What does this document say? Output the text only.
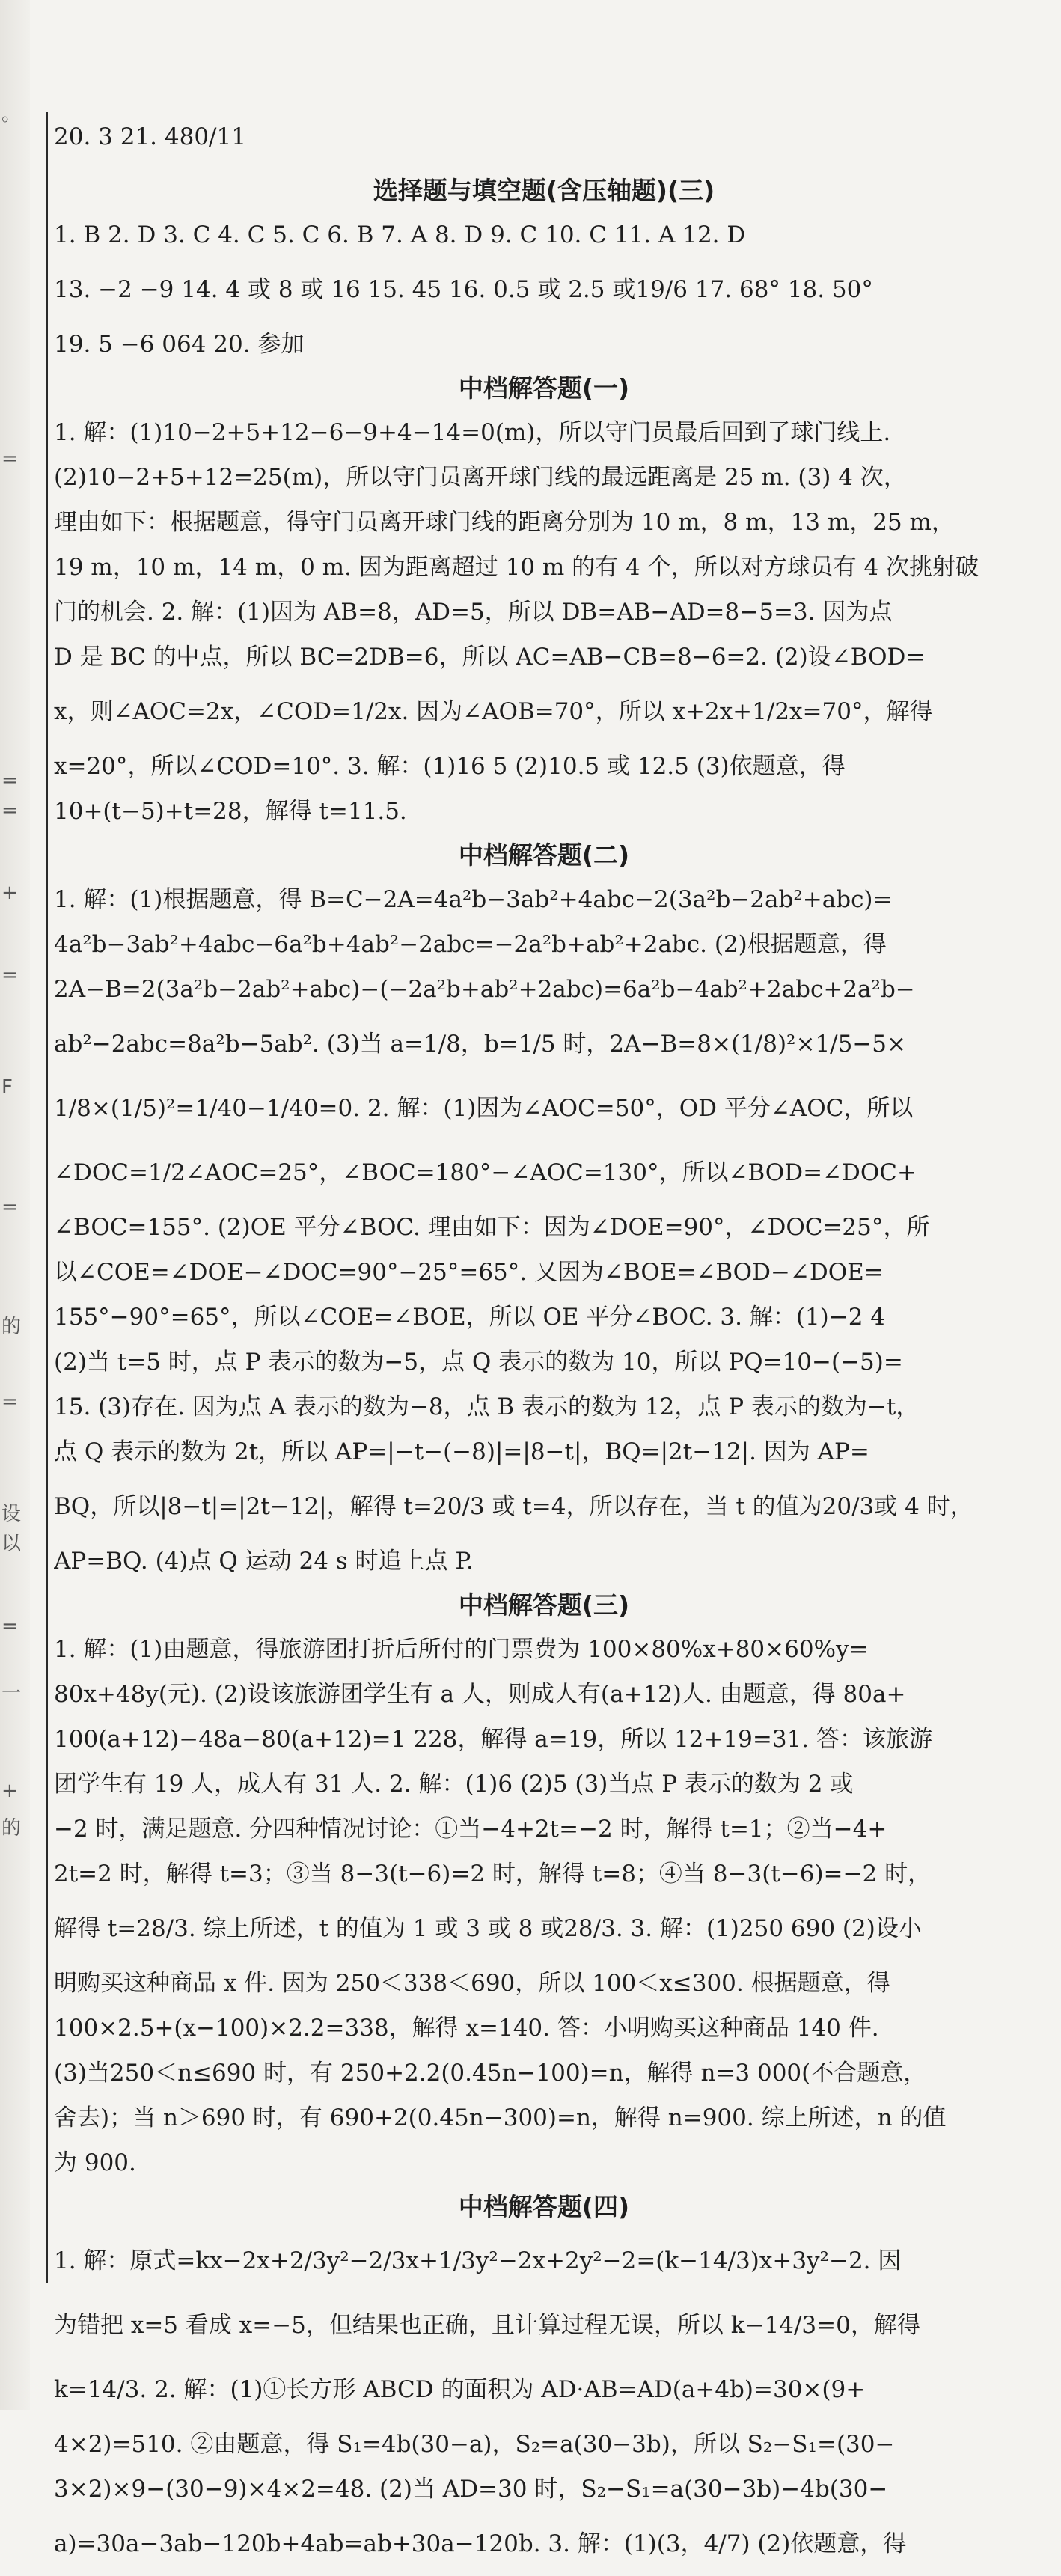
。
=
=
=
+
=
F
=
的
=
设
以
=
一
+
的
20. 3 21. 480/11
选择题与填空题(含压轴题)(三)
1. B 2. D 3. C 4. C 5. C 6. B 7. A 8. D 9. C 10. C 11. A 12. D
13. −2 −9 14. 4 或 8 或 16 15. 45 16. 0.5 或 2.5 或19/6 17. 68° 18. 50°
19. 5 −6 064 20. 参加
中档解答题(一)
1. 解：(1)10−2+5+12−6−9+4−14=0(m)，所以守门员最后回到了球门线上.
(2)10−2+5+12=25(m)，所以守门员离开球门线的最远距离是 25 m. (3) 4 次，
理由如下：根据题意，得守门员离开球门线的距离分别为 10 m，8 m，13 m，25 m，
19 m，10 m，14 m，0 m. 因为距离超过 10 m 的有 4 个，所以对方球员有 4 次挑射破
门的机会. 2. 解：(1)因为 AB=8，AD=5，所以 DB=AB−AD=8−5=3. 因为点
D 是 BC 的中点，所以 BC=2DB=6，所以 AC=AB−CB=8−6=2. (2)设∠BOD=
x，则∠AOC=2x，∠COD=1/2x. 因为∠AOB=70°，所以 x+2x+1/2x=70°，解得
x=20°，所以∠COD=10°. 3. 解：(1)16 5 (2)10.5 或 12.5 (3)依题意，得
10+(t−5)+t=28，解得 t=11.5.
中档解答题(二)
1. 解：(1)根据题意，得 B=C−2A=4a²b−3ab²+4abc−2(3a²b−2ab²+abc)=
4a²b−3ab²+4abc−6a²b+4ab²−2abc=−2a²b+ab²+2abc. (2)根据题意，得
2A−B=2(3a²b−2ab²+abc)−(−2a²b+ab²+2abc)=6a²b−4ab²+2abc+2a²b−
ab²−2abc=8a²b−5ab². (3)当 a=1/8，b=1/5 时，2A−B=8×(1/8)²×1/5−5×
1/8×(1/5)²=1/40−1/40=0. 2. 解：(1)因为∠AOC=50°，OD 平分∠AOC，所以
∠DOC=1/2∠AOC=25°，∠BOC=180°−∠AOC=130°，所以∠BOD=∠DOC+
∠BOC=155°. (2)OE 平分∠BOC. 理由如下：因为∠DOE=90°，∠DOC=25°，所
以∠COE=∠DOE−∠DOC=90°−25°=65°. 又因为∠BOE=∠BOD−∠DOE=
155°−90°=65°，所以∠COE=∠BOE，所以 OE 平分∠BOC. 3. 解：(1)−2 4
(2)当 t=5 时，点 P 表示的数为−5，点 Q 表示的数为 10，所以 PQ=10−(−5)=
15. (3)存在. 因为点 A 表示的数为−8，点 B 表示的数为 12，点 P 表示的数为−t，
点 Q 表示的数为 2t，所以 AP=|−t−(−8)|=|8−t|，BQ=|2t−12|. 因为 AP=
BQ，所以|8−t|=|2t−12|，解得 t=20/3 或 t=4，所以存在，当 t 的值为20/3或 4 时，
AP=BQ. (4)点 Q 运动 24 s 时追上点 P.
中档解答题(三)
1. 解：(1)由题意，得旅游团打折后所付的门票费为 100×80%x+80×60%y=
80x+48y(元). (2)设该旅游团学生有 a 人，则成人有(a+12)人. 由题意，得 80a+
100(a+12)−48a−80(a+12)=1 228，解得 a=19，所以 12+19=31. 答：该旅游
团学生有 19 人，成人有 31 人. 2. 解：(1)6 (2)5 (3)当点 P 表示的数为 2 或
−2 时，满足题意. 分四种情况讨论：①当−4+2t=−2 时，解得 t=1；②当−4+
2t=2 时，解得 t=3；③当 8−3(t−6)=2 时，解得 t=8；④当 8−3(t−6)=−2 时，
解得 t=28/3. 综上所述，t 的值为 1 或 3 或 8 或28/3. 3. 解：(1)250 690 (2)设小
明购买这种商品 x 件. 因为 250＜338＜690，所以 100＜x≤300. 根据题意，得
100×2.5+(x−100)×2.2=338，解得 x=140. 答：小明购买这种商品 140 件.
(3)当250＜n≤690 时，有 250+2.2(0.45n−100)=n，解得 n=3 000(不合题意，
舍去)；当 n＞690 时，有 690+2(0.45n−300)=n，解得 n=900. 综上所述，n 的值
为 900.
中档解答题(四)
1. 解：原式=kx−2x+2/3y²−2/3x+1/3y²−2x+2y²−2=(k−14/3)x+3y²−2. 因
为错把 x=5 看成 x=−5，但结果也正确，且计算过程无误，所以 k−14/3=0，解得
k=14/3. 2. 解：(1)①长方形 ABCD 的面积为 AD·AB=AD(a+4b)=30×(9+
4×2)=510. ②由题意，得 S₁=4b(30−a)，S₂=a(30−3b)，所以 S₂−S₁=(30−
3×2)×9−(30−9)×4×2=48. (2)当 AD=30 时，S₂−S₁=a(30−3b)−4b(30−
a)=30a−3ab−120b+4ab=ab+30a−120b. 3. 解：(1)(3，4/7) (2)依题意，得
